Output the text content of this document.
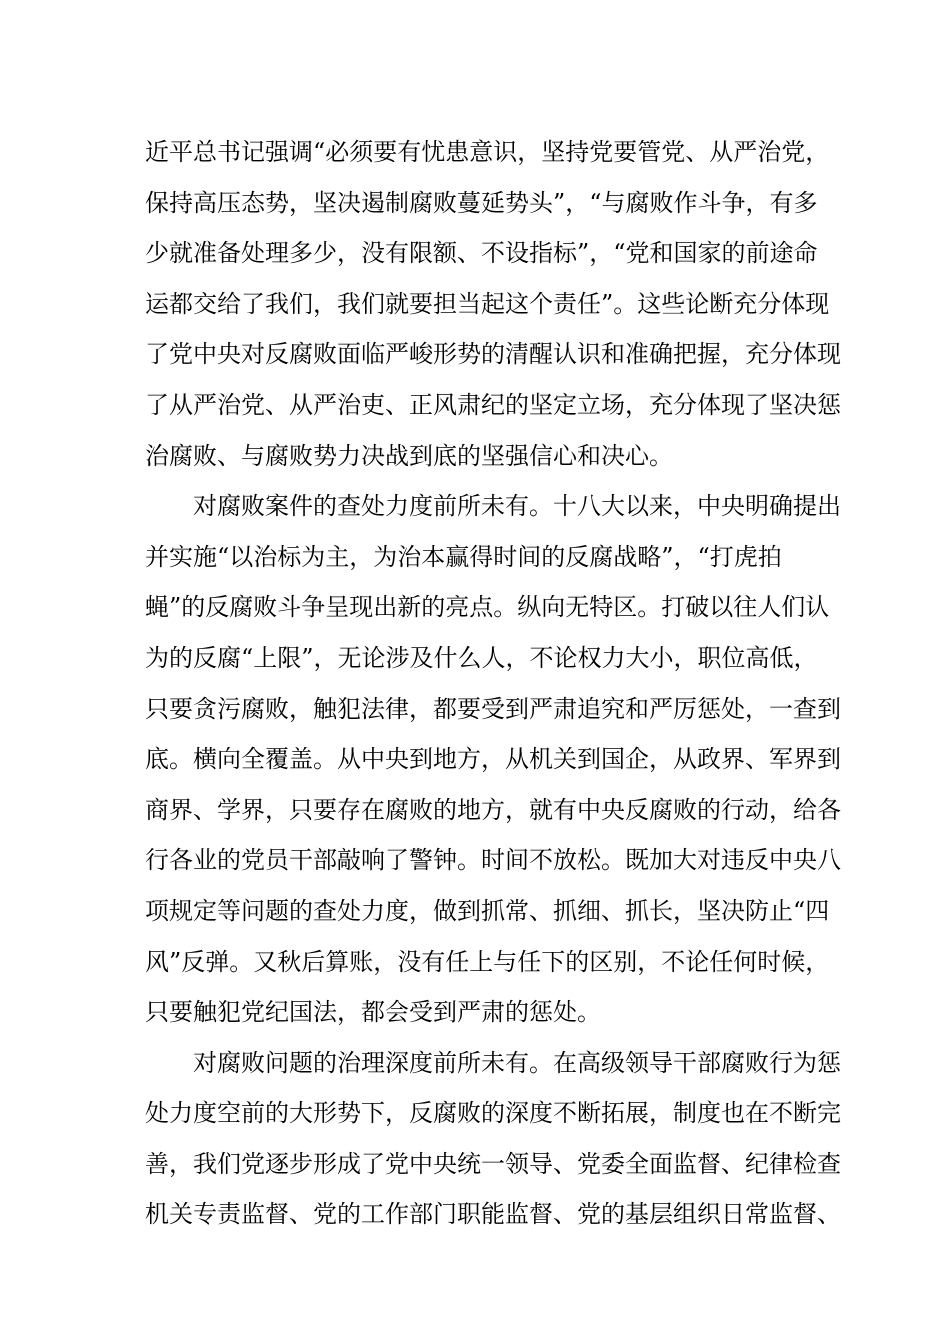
近平总书记强调“必须要有忧患意识，坚持党要管党、从严治党，
保持高压态势，坚决遏制腐败蔓延势头”，“与腐败作斗争，有多
少就准备处理多少，没有限额、不设指标”，“党和国家的前途命
运都交给了我们，我们就要担当起这个责任”。这些论断充分体现
了党中央对反腐败面临严峻形势的清醒认识和准确把握，充分体现
了从严治党、从严治吏、正风肃纪的坚定立场，充分体现了坚决惩
治腐败、与腐败势力决战到底的坚强信心和决心。
对腐败案件的查处力度前所未有。十八大以来，中央明确提出
并实施“以治标为主，为治本赢得时间的反腐战略”，“打虎拍
蝇”的反腐败斗争呈现出新的亮点。纵向无特区。打破以往人们认
为的反腐“上限”，无论涉及什么人，不论权力大小，职位高低，
只要贪污腐败，触犯法律，都要受到严肃追究和严厉惩处，一查到
底。横向全覆盖。从中央到地方，从机关到国企，从政界、军界到
商界、学界，只要存在腐败的地方，就有中央反腐败的行动，给各
行各业的党员干部敲响了警钟。时间不放松。既加大对违反中央八
项规定等问题的查处力度，做到抓常、抓细、抓长，坚决防止“四
风”反弹。又秋后算账，没有任上与任下的区别，不论任何时候，
只要触犯党纪国法，都会受到严肃的惩处。
对腐败问题的治理深度前所未有。在高级领导干部腐败行为惩
处力度空前的大形势下，反腐败的深度不断拓展，制度也在不断完
善，我们党逐步形成了党中央统一领导、党委全面监督、纪律检查
机关专责监督、党的工作部门职能监督、党的基层组织日常监督、
